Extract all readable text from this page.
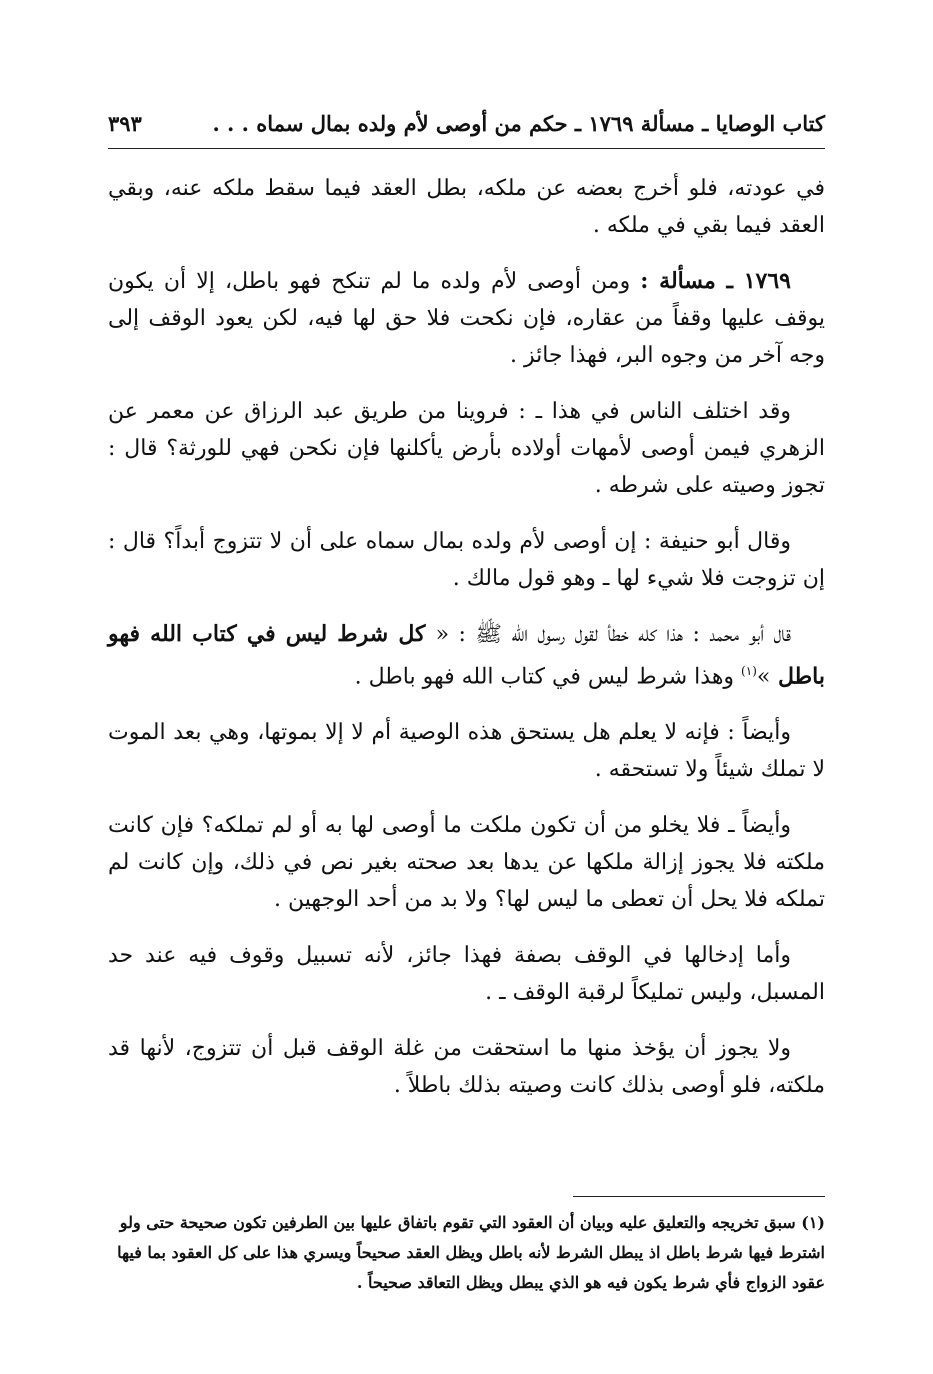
كتاب الوصايا ـ مسألة ١٧٦٩ ـ حكم من أوصى لأم ولده بمال سماه . . .
٣٩٣

في عودته، فلو أخرج بعضه عن ملكه، بطل العقد فيما سقط ملكه عنه، وبقي العقد فيما بقي في ملكه .

١٧٦٩ ـ مسألة : ومن أوصى لأم ولده ما لم تنكح فهو باطل، إلا أن يكون يوقف عليها وقفاً من عقاره، فإن نكحت فلا حق لها فيه، لكن يعود الوقف إلى وجه آخر من وجوه البر، فهذا جائز .

وقد اختلف الناس في هذا ـ : فروينا من طريق عبد الرزاق عن معمر عن الزهري فيمن أوصى لأمهات أولاده بأرض يأكلنها فإن نكحن فهي للورثة؟ قال : تجوز وصيته على شرطه .

وقال أبو حنيفة : إن أوصى لأم ولده بمال سماه على أن لا تتزوج أبداً؟ قال : إن تزوجت فلا شيء لها ـ وهو قول مالك .

قال أبو محمد : هذا كله خطأ لقول رسول الله ﷺ : « كل شرط ليس في كتاب الله فهو باطل »$^{(١)}$ وهذا شرط ليس في كتاب الله فهو باطل .

وأيضاً : فإنه لا يعلم هل يستحق هذه الوصية أم لا إلا بموتها، وهي بعد الموت لا تملك شيئاً ولا تستحقه .

وأيضاً ـ فلا يخلو من أن تكون ملكت ما أوصى لها به أو لم تملكه؟ فإن كانت ملكته فلا يجوز إزالة ملكها عن يدها بعد صحته بغير نص في ذلك، وإن كانت لم تملكه فلا يحل أن تعطى ما ليس لها؟ ولا بد من أحد الوجهين .

وأما إدخالها في الوقف بصفة فهذا جائز، لأنه تسبيل وقوف فيه عند حد المسبل، وليس تمليكاً لرقبة الوقف ـ .

ولا يجوز أن يؤخذ منها ما استحقت من غلة الوقف قبل أن تتزوج، لأنها قد ملكته، فلو أوصى بذلك كانت وصيته بذلك باطلاً .

(١) سبق تخريجه والتعليق عليه وبيان أن العقود التي تقوم باتفاق عليها بين الطرفين تكون صحيحة حتى ولو
اشترط فيها شرط باطل اذ يبطل الشرط لأنه باطل ويظل العقد صحيحاً ويسري هذا على كل العقود بما فيها
عقود الزواج فأي شرط يكون فيه هو الذي يبطل ويظل التعاقد صحيحاً .
